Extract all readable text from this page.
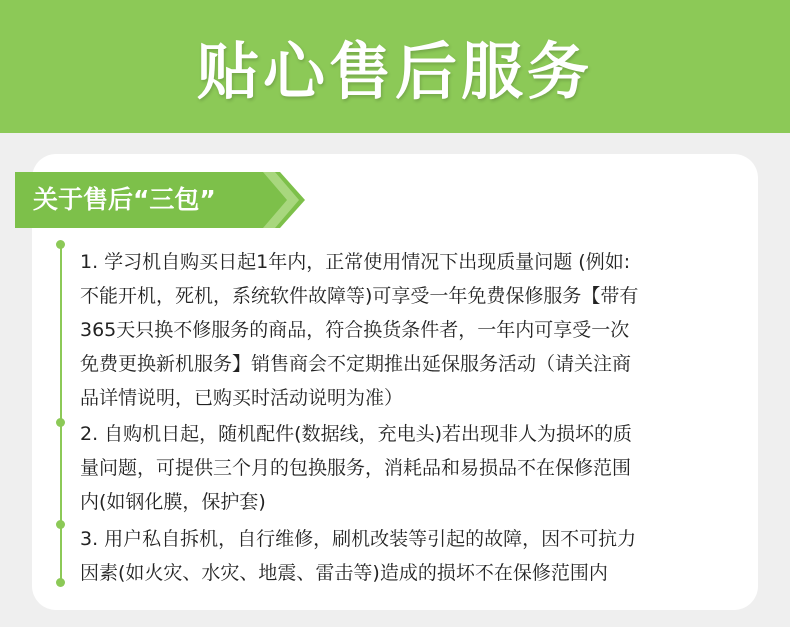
贴心售后服务
关于售后“三包”
1. 学习机自购买日起1年内，正常使用情况下出现质量问题 (例如:
不能开机，死机，系统软件故障等)可享受一年免费保修服务【带有
365天只换不修服务的商品，符合换货条件者，一年内可享受一次
免费更换新机服务】销售商会不定期推出延保服务活动（请关注商
品详情说明，已购买时活动说明为准）
2. 自购机日起，随机配件(数据线，充电头)若出现非人为损坏的质
量问题，可提供三个月的包换服务，消耗品和易损品不在保修范围
内(如钢化膜，保护套)
3. 用户私自拆机，自行维修，刷机改装等引起的故障，因不可抗力
因素(如火灾、水灾、地震、雷击等)造成的损坏不在保修范围内
